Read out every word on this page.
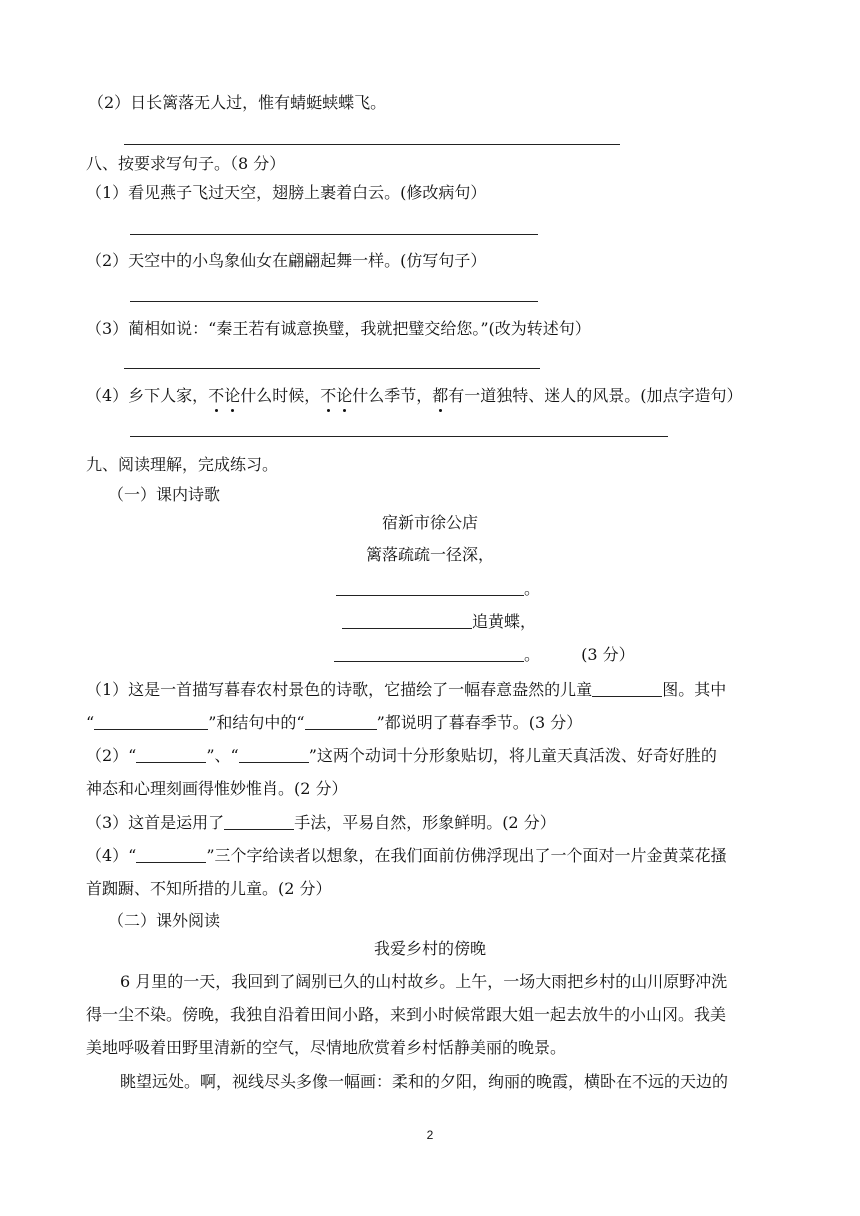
（2）日长篱落无人过，惟有蜻蜓蛱蝶飞。
八、按要求写句子。（8 分）
（1）看见燕子飞过天空，翅膀上裹着白云。(修改病句）
（2）天空中的小鸟象仙女在翩翩起舞一样。(仿写句子）
（3）蔺相如说：“秦王若有诚意换璧，我就把璧交给您。”(改为转述句）
（4）乡下人家，不论什么时候，不论什么季节，都有一道独特、迷人的风景。(加点字造句）
九、阅读理解，完成练习。
（一）课内诗歌
宿新市徐公店
篱落疏疏一径深，
。
追黄蝶，
。	(3 分）
（1）这是一首描写暮春农村景色的诗歌，它描绘了一幅春意盎然的儿童	图。其中
“	”和结句中的“	”都说明了暮春季节。(3 分）
（2）“	”、“	”这两个动词十分形象贴切，将儿童天真活泼、好奇好胜的
神态和心理刻画得惟妙惟肖。(2 分）
（3）这首是运用了	手法，平易自然，形象鲜明。(2 分）
（4）“	”三个字给读者以想象，在我们面前仿佛浮现出了一个面对一片金黄菜花搔
首踟蹰、不知所措的儿童。(2 分）
（二）课外阅读
我爱乡村的傍晚
6 月里的一天，我回到了阔别已久的山村故乡。上午，一场大雨把乡村的山川原野冲洗
得一尘不染。傍晚，我独自沿着田间小路，来到小时候常跟大姐一起去放牛的小山冈。我美
美地呼吸着田野里清新的空气，尽情地欣赏着乡村恬静美丽的晚景。
眺望远处。啊，视线尽头多像一幅画：柔和的夕阳，绚丽的晚霞，横卧在不远的天边的
2
